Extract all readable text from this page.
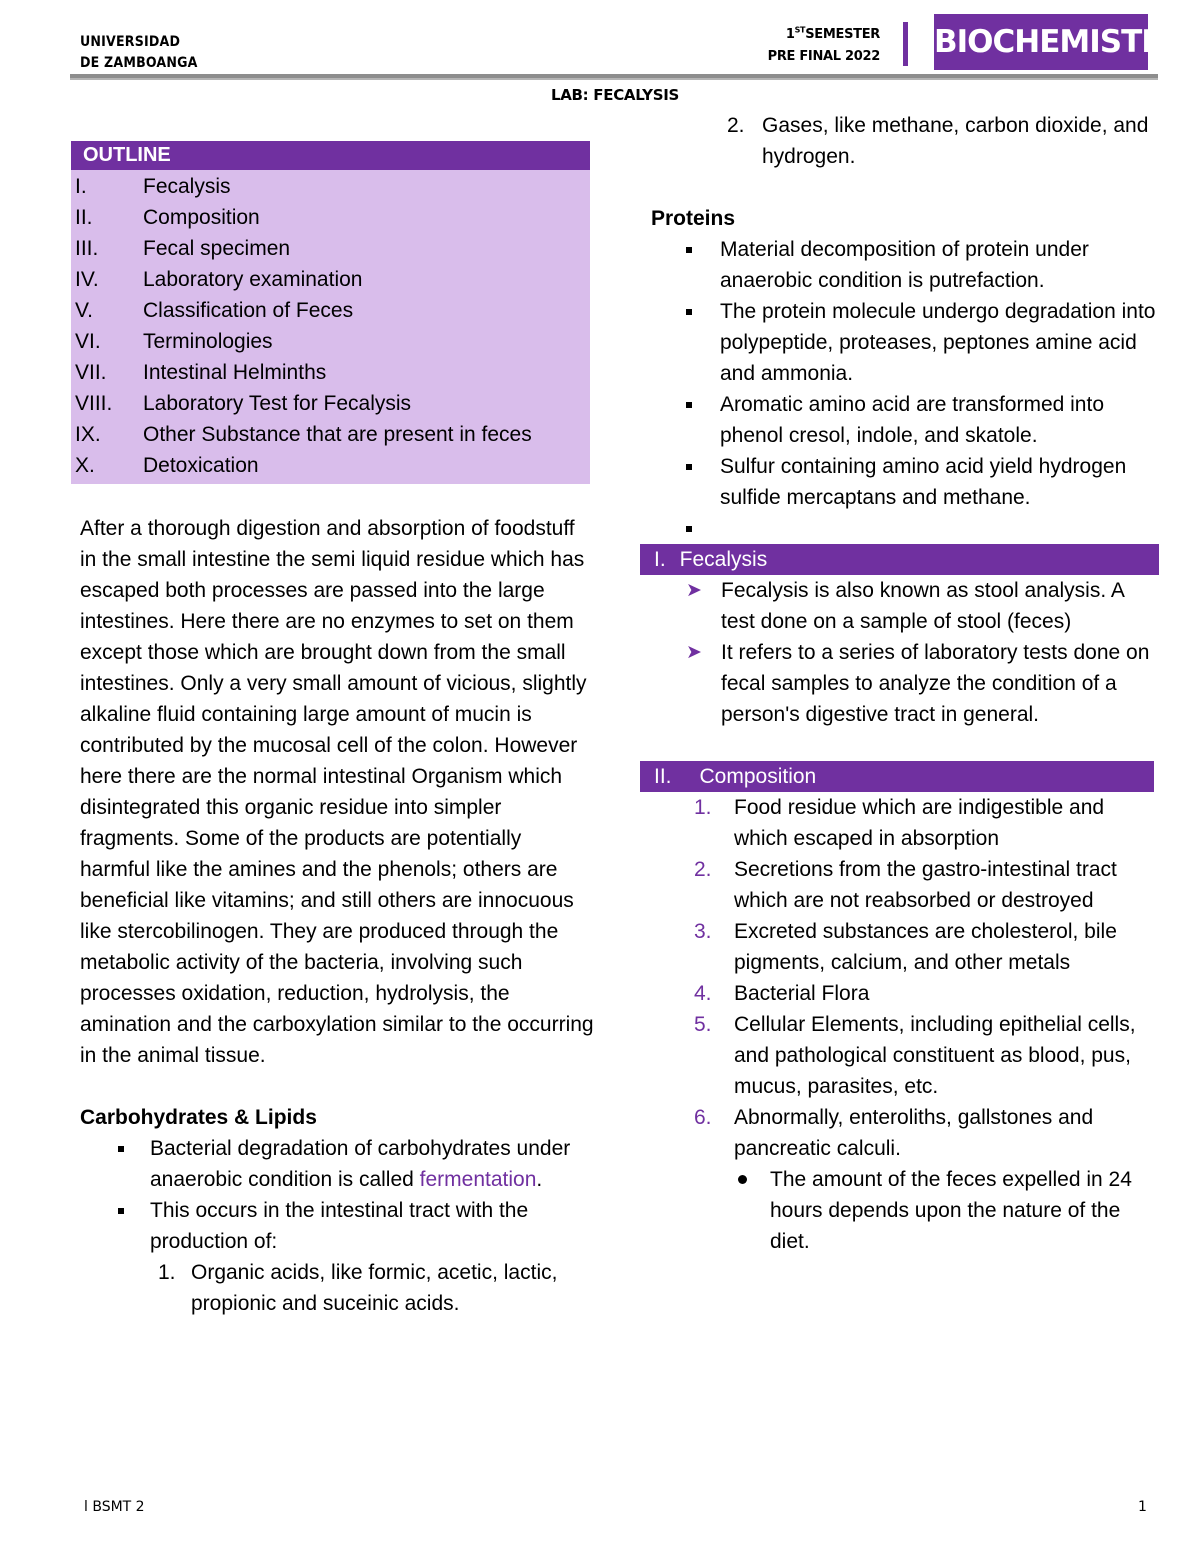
UNIVERSIDAD
DE ZAMBOANGA
1STSEMESTER
PRE FINAL 2022 BIOCHEMISTRY
LAB: FECALYSIS
OUTLINE
I.	Fecalysis
II. Composition
III. Fecal specimen
IV. Laboratory examination
V. Classification of Feces
VI. Terminologies
VII. Intestinal Helminths
VIII. Laboratory Test for Fecalysis
IX. Other Substance that are present in feces
X. Detoxication

After a thorough digestion and absorption of foodstuff in the small intestine the semi liquid residue which has escaped both processes are passed into the large intestines. Here there are no enzymes to set on them except those which are brought down from the small intestines. Only a very small amount of vicious, slightly alkaline fluid containing large amount of mucin is contributed by the mucosal cell of the colon. However here there are the normal intestinal Organism which disintegrated this organic residue into simpler fragments. Some of the products are potentially harmful like the amines and the phenols; others are beneficial like vitamins; and still others are innocuous like stercobilinogen. They are produced through the metabolic activity of the bacteria, involving such processes oxidation, reduction, hydrolysis, the amination and the carboxylation similar to the occurring in the animal tissue.

Carbohydrates & Lipids

Bacterial degradation of carbohydrates under anaerobic condition is called fermentation.
This occurs in the intestinal tract with the production of:
1. Organic acids, like formic, acetic, lactic, propionic and suceinic acids.
2. Gases, like methane, carbon dioxide, and hydrogen.

Proteins

Material decomposition of protein under anaerobic condition is putrefaction.
The protein molecule undergo degradation into polypeptide, proteases, peptones amine acid and ammonia.
Aromatic amino acid are transformed into phenol cresol, indole, and skatole.
Sulfur containing amino acid yield hydrogen sulfide mercaptans and methane.
I. Fecalysis
➤ Fecalysis is also known as stool analysis. A test done on a sample of stool (feces)
➤ It refers to a series of laboratory tests done on fecal samples to analyze the condition of a person's digestive tract in general.
II. Composition
1. Food residue which are indigestible and which escaped in absorption
2. Secretions from the gastro-intestinal tract which are not reabsorbed or destroyed
3. Excreted substances are cholesterol, bile pigments, calcium, and other metals
4. Bacterial Flora
5. Cellular Elements, including epithelial cells, and pathological constituent as blood, pus, mucus, parasites, etc.
6. Abnormally, enteroliths, gallstones and pancreatic calculi.
The amount of the feces expelled in 24 hours depends upon the nature of the diet.
l BSMT 2	1
